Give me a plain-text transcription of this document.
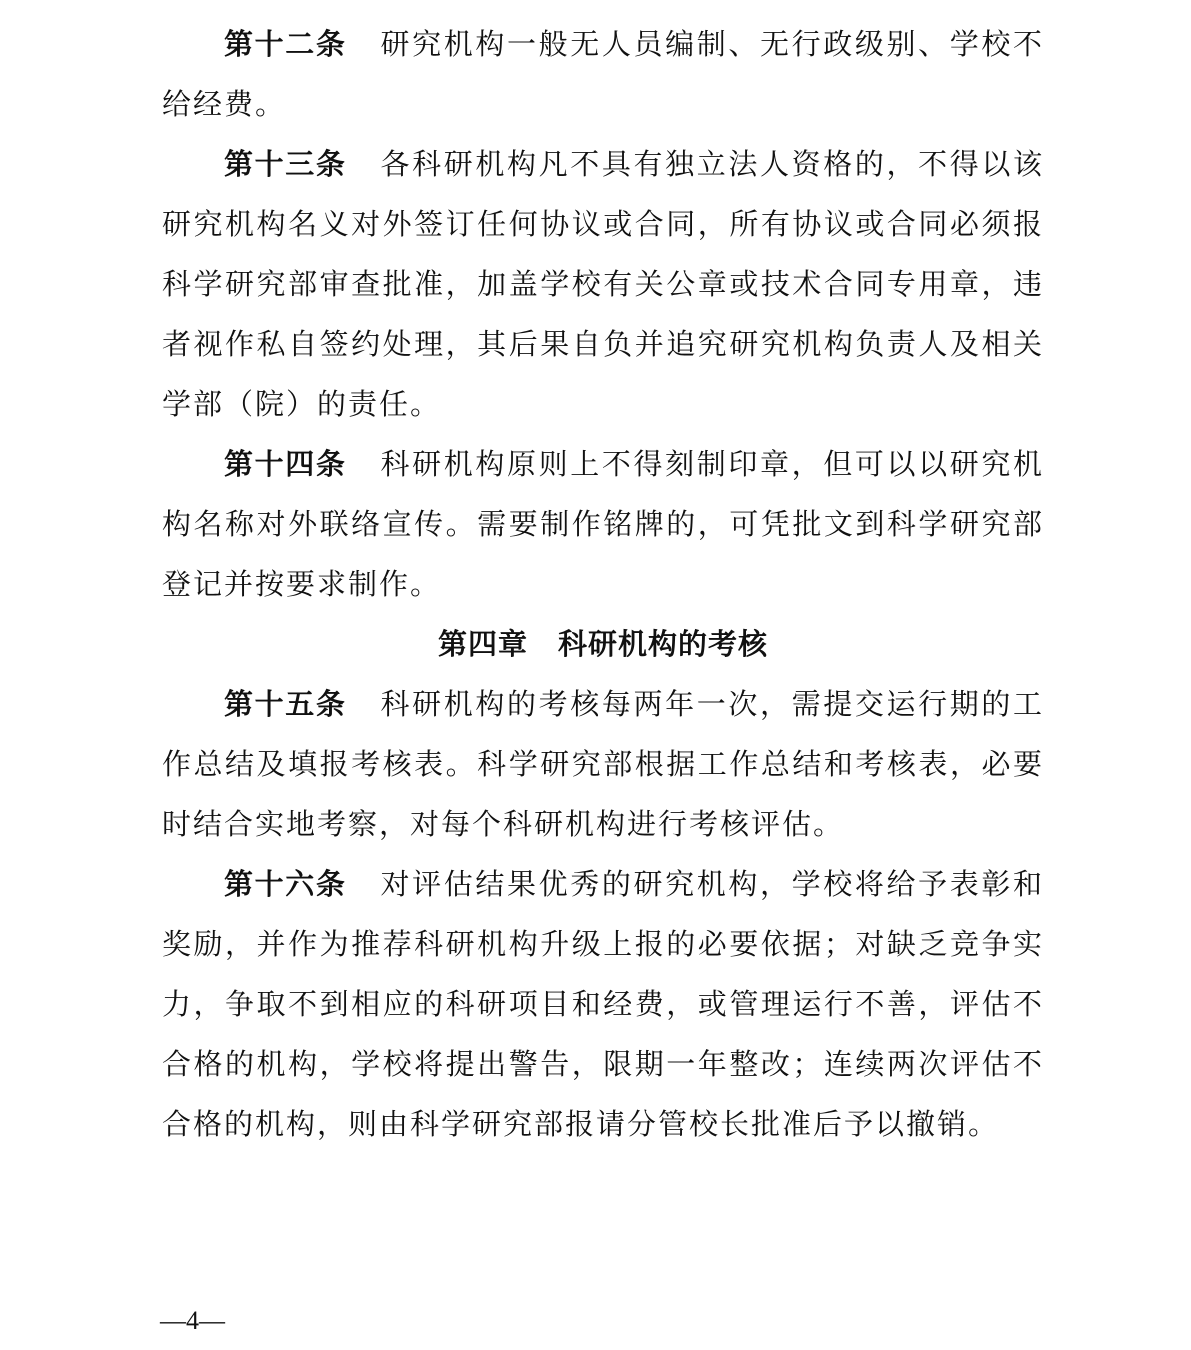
第十二条 研究机构一般无人员编制、无行政级别、学校不给经费。

第十三条 各科研机构凡不具有独立法人资格的，不得以该研究机构名义对外签订任何协议或合同，所有协议或合同必须报科学研究部审查批准，加盖学校有关公章或技术合同专用章，违者视作私自签约处理，其后果自负并追究研究机构负责人及相关学部（院）的责任。

第十四条 科研机构原则上不得刻制印章，但可以以研究机构名称对外联络宣传。需要制作铭牌的，可凭批文到科学研究部登记并按要求制作。

第四章 科研机构的考核

第十五条 科研机构的考核每两年一次，需提交运行期的工作总结及填报考核表。科学研究部根据工作总结和考核表，必要时结合实地考察，对每个科研机构进行考核评估。

第十六条 对评估结果优秀的研究机构，学校将给予表彰和奖励，并作为推荐科研机构升级上报的必要依据；对缺乏竞争实力，争取不到相应的科研项目和经费，或管理运行不善，评估不合格的机构，学校将提出警告，限期一年整改；连续两次评估不合格的机构，则由科学研究部报请分管校长批准后予以撤销。

—4—
